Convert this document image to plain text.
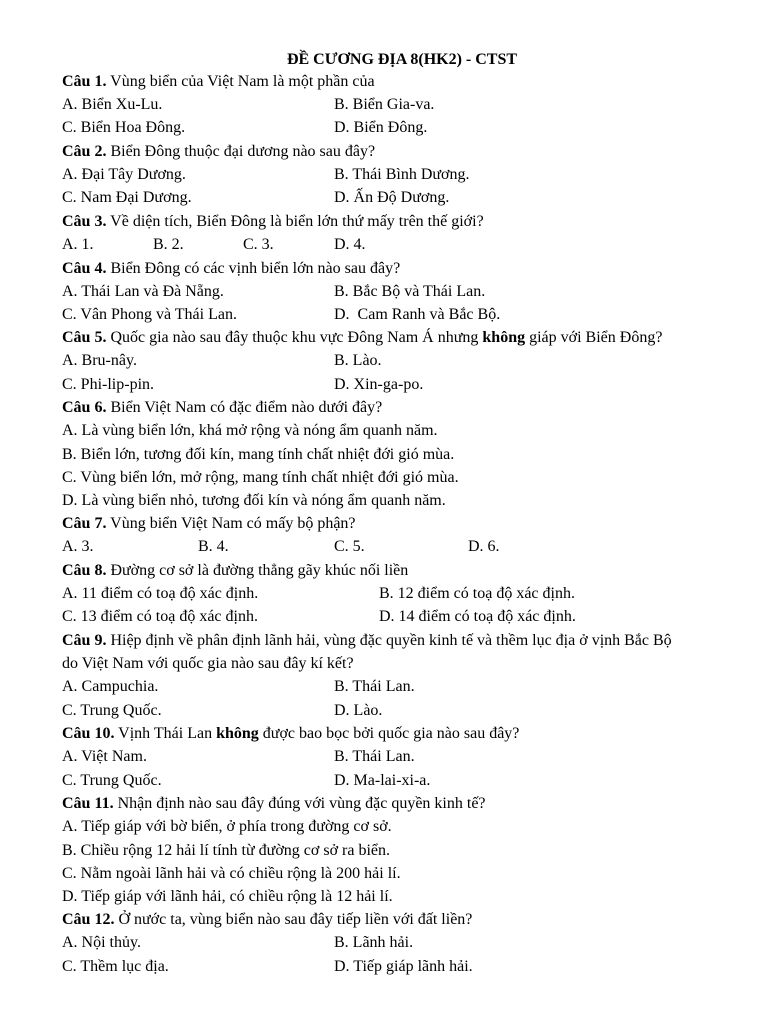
ĐỀ CƯƠNG ĐỊA 8(HK2) - CTST
Câu 1. Vùng biển của Việt Nam là một phần của
A. Biển Xu-Lu.	B. Biển Gia-va.
C. Biển Hoa Đông.	D. Biển Đông.
Câu 2. Biển Đông thuộc đại dương nào sau đây?
A. Đại Tây Dương.	B. Thái Bình Dương.
C. Nam Đại Dương.	D. Ấn Độ Dương.
Câu 3. Về diện tích, Biển Đông là biển lớn thứ mấy trên thế giới?
A. 1.	B. 2.	C. 3.	D. 4.
Câu 4. Biển Đông có các vịnh biển lớn nào sau đây?
A. Thái Lan và Đà Nẵng.	B. Bắc Bộ và Thái Lan.
C. Vân Phong và Thái Lan.	D.  Cam Ranh và Bắc Bộ.
Câu 5. Quốc gia nào sau đây thuộc khu vực Đông Nam Á nhưng không giáp với Biển Đông?
A. Bru-nây.	B. Lào.
C. Phi-lip-pin.	D. Xin-ga-po.
Câu 6. Biển Việt Nam có đặc điểm nào dưới đây?
A. Là vùng biển lớn, khá mở rộng và nóng ẩm quanh năm.
B. Biển lớn, tương đối kín, mang tính chất nhiệt đới gió mùa.
C. Vùng biển lớn, mở rộng, mang tính chất nhiệt đới gió mùa.
D. Là vùng biển nhỏ, tương đối kín và nóng ẩm quanh năm.
Câu 7. Vùng biển Việt Nam có mấy bộ phận?
A. 3.	B. 4.	C. 5.	D. 6.
Câu 8. Đường cơ sở là đường thẳng gãy khúc nối liền
A. 11 điểm có toạ độ xác định.	B. 12 điểm có toạ độ xác định.
C. 13 điểm có toạ độ xác định.	D. 14 điểm có toạ độ xác định.
Câu 9. Hiệp định về phân định lãnh hải, vùng đặc quyền kinh tế và thềm lục địa ở vịnh Bắc Bộ
do Việt Nam với quốc gia nào sau đây kí kết?
A. Campuchia.	B. Thái Lan.
C. Trung Quốc.	D. Lào.
Câu 10. Vịnh Thái Lan không được bao bọc bởi quốc gia nào sau đây?
A. Việt Nam.	B. Thái Lan.
C. Trung Quốc.	D. Ma-lai-xi-a.
Câu 11. Nhận định nào sau đây đúng với vùng đặc quyền kinh tế?
A. Tiếp giáp với bờ biển, ở phía trong đường cơ sở.
B. Chiều rộng 12 hải lí tính từ đường cơ sở ra biển.
C. Nằm ngoài lãnh hải và có chiều rộng là 200 hải lí.
D. Tiếp giáp với lãnh hải, có chiều rộng là 12 hải lí.
Câu 12. Ở nước ta, vùng biển nào sau đây tiếp liền với đất liền?
A. Nội thủy.	B. Lãnh hải.
C. Thềm lục địa.	D. Tiếp giáp lãnh hải.
